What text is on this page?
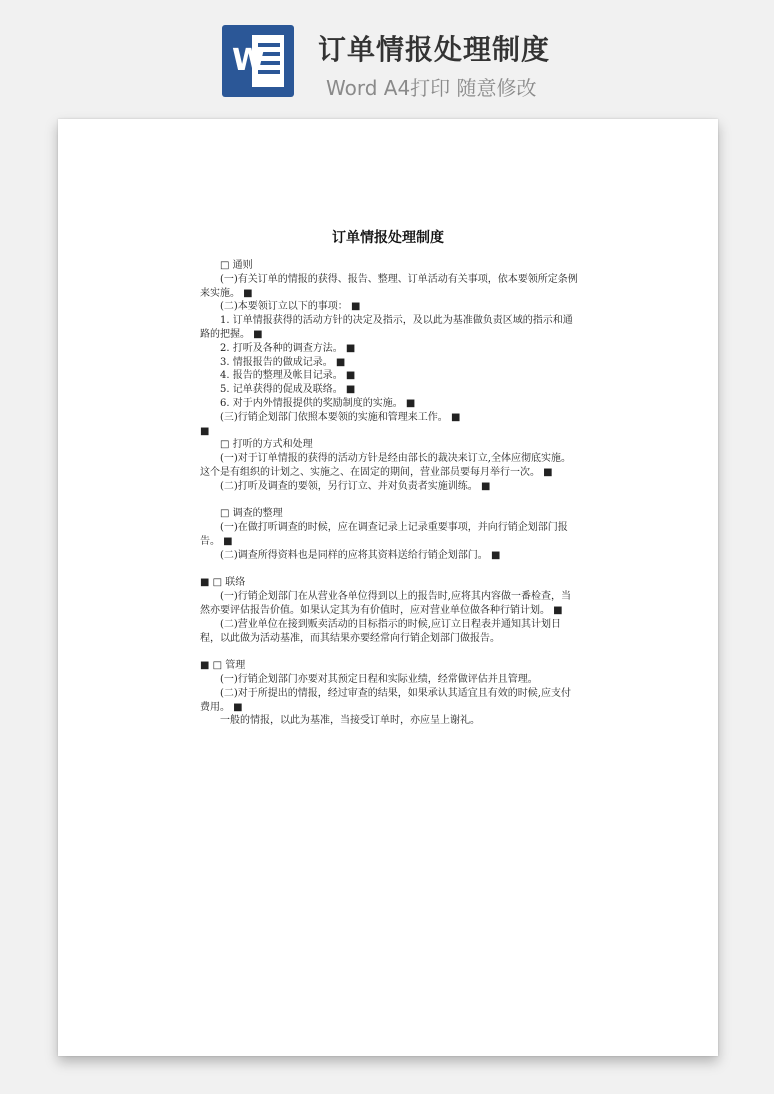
W 订单情报处理制度
Word A4打印 随意修改
订单情报处理制度
□ 通则
(一)有关订单的情报的获得、报告、整理、订单活动有关事项，依本要领所定条例来实施。 ■
(二)本要领订立以下的事项： ■
1. 订单情报获得的活动方针的决定及指示，及以此为基准做负责区域的指示和通路的把握。 ■
2. 打听及各种的调查方法。 ■
3. 情报报告的做成记录。 ■
4. 报告的整理及帐目记录。 ■
5. 记单获得的促成及联络。 ■
6. 对于内外情报提供的奖励制度的实施。 ■
(三)行销企划部门依照本要领的实施和管理来工作。 ■
■
□ 打听的方式和处理
(一)对于订单情报的获得的活动方针是经由部长的裁决来订立,全体应彻底实施。这个是有组织的计划之、实施之、在固定的期间，营业部员要每月举行一次。 ■
(二)打听及调查的要领，另行订立、并对负责者实施训练。 ■
□ 调查的整理
(一)在做打听调查的时候，应在调查记录上记录重要事项，并向行销企划部门报告。 ■
(二)调查所得资料也是同样的应将其资料送给行销企划部门。 ■
■ □ 联络
(一)行销企划部门在从营业各单位得到以上的报告时,应将其内容做一番检查，当然亦要评估报告价值。如果认定其为有价值时，应对营业单位做各种行销计划。 ■
(二)营业单位在接到贩卖活动的目标指示的时候,应订立日程表并通知其计划日程，以此做为活动基准，而其结果亦要经常向行销企划部门做报告。
■ □ 管理
(一)行销企划部门亦要对其预定日程和实际业绩，经常做评估并且管理。
(二)对于所提出的情报，经过审查的结果，如果承认其适宜且有效的时候,应支付费用。 ■
一般的情报，以此为基准，当接受订单时，亦应呈上谢礼。
